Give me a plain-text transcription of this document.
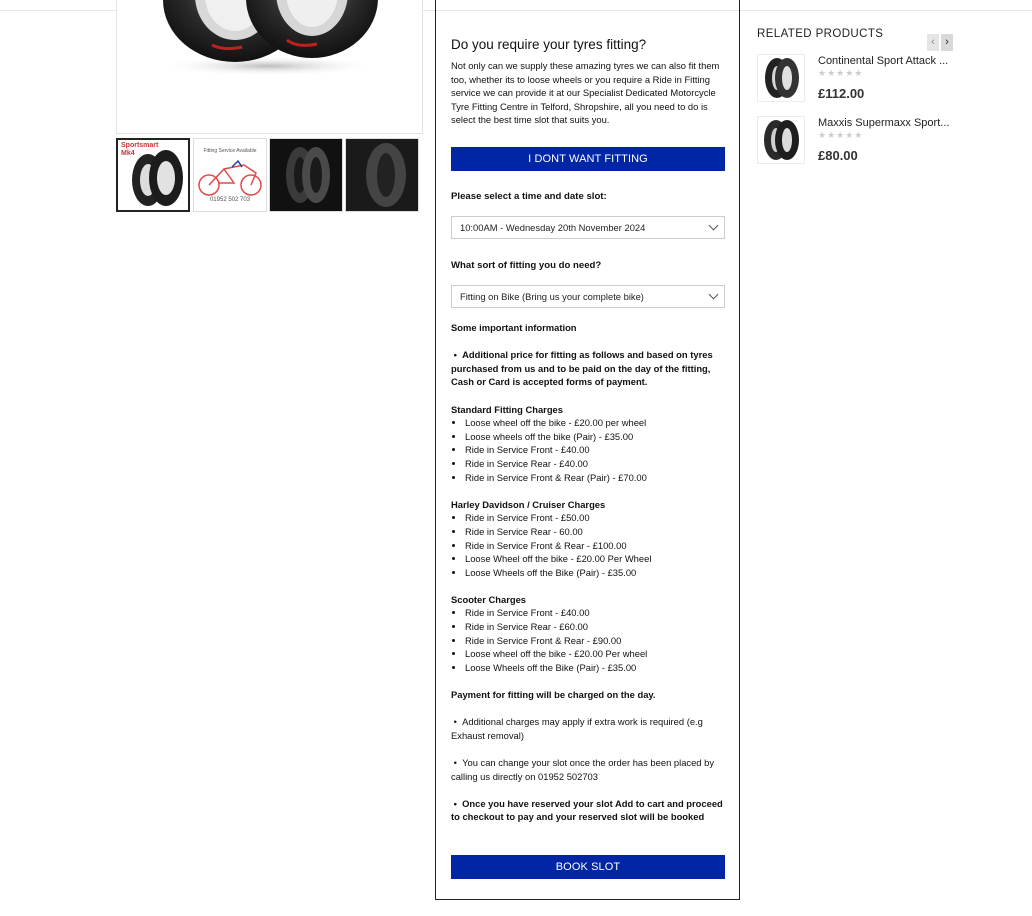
Sportsmart Mk4	Fitting Service Available
01952 502 703
Do you require your tyres fitting?
Not only can we supply these amazing tyres we can also fit them too, whether its to loose wheels or you require a Ride in Fitting service we can provide it at our Specialist Dedicated Motorcycle Tyre Fitting Centre in Telford, Shropshire, all you need to do is select the best time slot that suits you.
I DONT WANT FITTING
Please select a time and date slot:
10:00AM - Wednesday 20th November 2024
What sort of fitting you do need?
Fitting on Bike (Bring us your complete bike)

Some important information

•  Additional price for fitting as follows and based on tyres purchased from us and to be paid on the day of the fitting, Cash or Card is accepted forms of payment.

Standard Fitting Charges
• Loose wheel off the bike - £20.00 per wheel
• Loose wheels off the bike (Pair) - £35.00
• Ride in Service Front - £40.00
• Ride in Service Rear - £40.00
• Ride in Service Front & Rear (Pair) - £70.00
Harley Davidson / Cruiser Charges
• Ride in Service Front - £50.00
• Ride in Service Rear - 60.00
• Ride in Service Front & Rear - £100.00
• Loose Wheel off the bike - £20.00 Per Wheel
• Loose Wheels off the Bike (Pair) - £35.00
Scooter Charges
• Ride in Service Front - £40.00
• Ride in Service Rear - £60.00
• Ride in Service Front & Rear - £90.00
• Loose wheel off the bike - £20.00 Per wheel
• Loose Wheels off the Bike (Pair) - £35.00

Payment for fitting will be charged on the day.

•  Additional charges may apply if extra work is required (e.g Exhaust removal)

•  You can change your slot once the order has been placed by calling us directly on 01952 502703

•  Once you have reserved your slot Add to cart and proceed to checkout to pay and your reserved slot will be booked

BOOK SLOT
RELATED PRODUCTS
‹ ›
Continental Sport Attack ...
★★★★★
£112.00
Maxxis Supermaxx Sport...
★★★★★
£80.00
